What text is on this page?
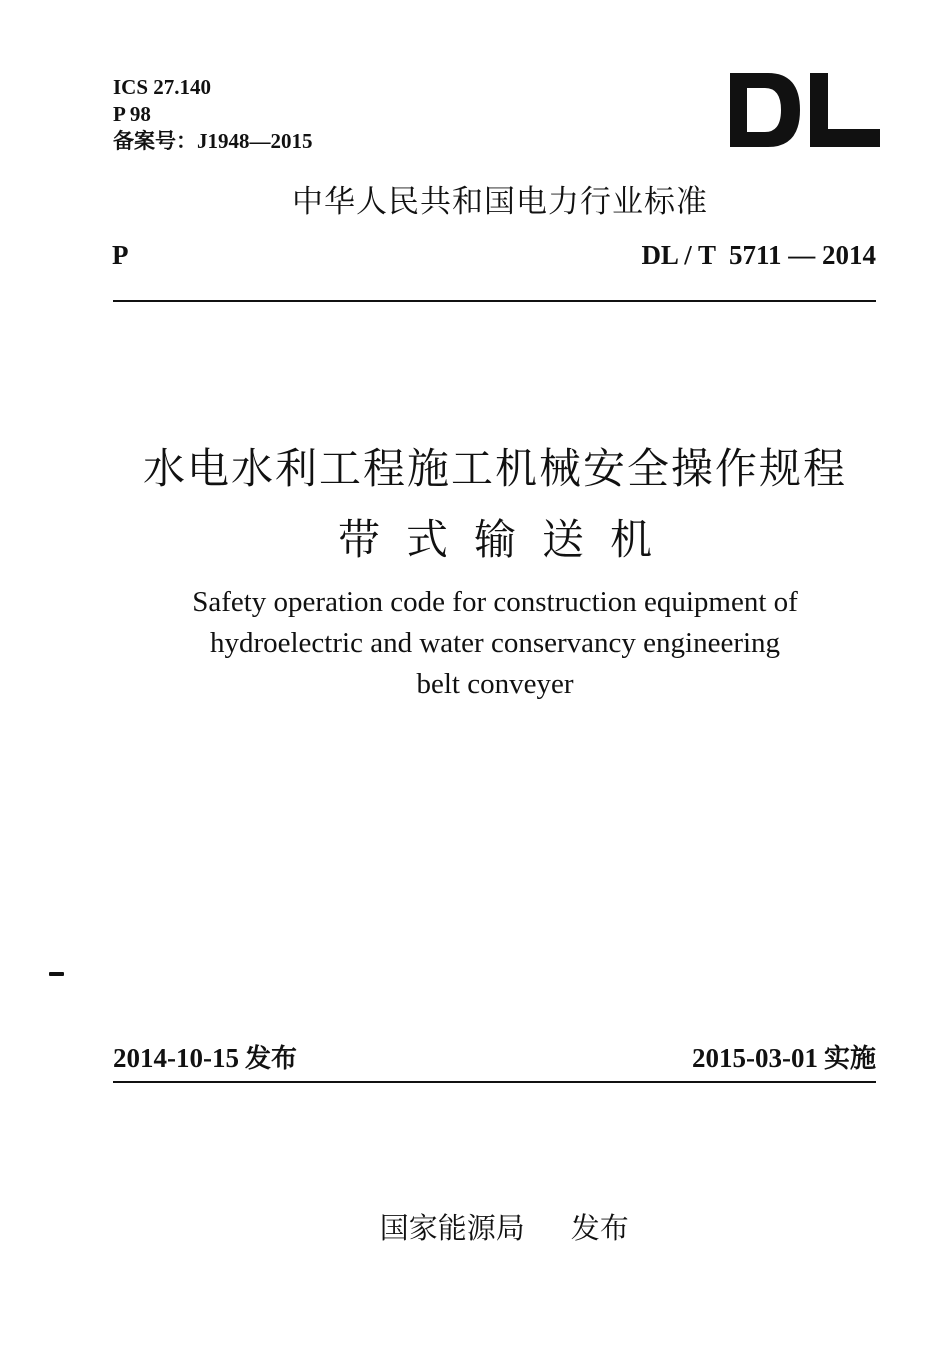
ICS 27.140
P 98
备案号：J1948—2015
中华人民共和国电力行业标准
P	DL / T  5711 — 2014
水电水利工程施工机械安全操作规程
带式输送机
Safety operation code for construction equipment of
hydroelectric and water conservancy engineering
belt conveyer
2014-10-15 发布	2015-03-01 实施

国家能源局 发布
